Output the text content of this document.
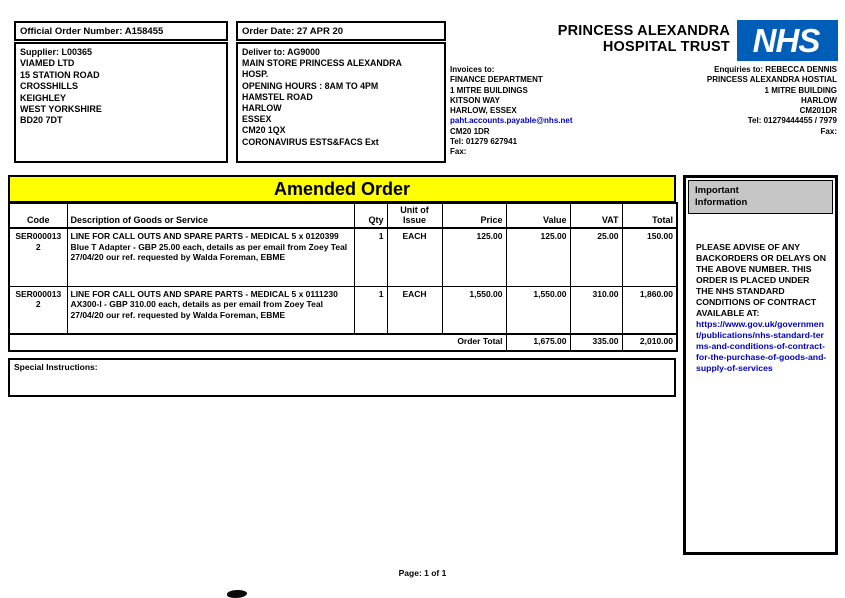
Official Order Number: A158455
Supplier: L00365
VIAMED LTD
15 STATION ROAD
CROSSHILLS
KEIGHLEY
WEST YORKSHIRE
BD20 7DT
Order Date: 27 APR 20
Deliver to: AG9000
MAIN STORE PRINCESS ALEXANDRA
HOSP.
OPENING HOURS : 8AM TO 4PM
HAMSTEL ROAD
HARLOW
ESSEX
CM20 1QX
CORONAVIRUS ESTS&FACS Ext
PRINCESS ALEXANDRA
HOSPITAL TRUST NHS
Invoices to:
FINANCE DEPARTMENT
1 MITRE BUILDINGS
KITSON WAY
HARLOW, ESSEX
paht.accounts.payable@nhs.net
CM20 1DR
Tel: 01279 627941
Fax:
Enquiries to: REBECCA DENNIS
PRINCESS ALEXANDRA HOSTIAL
1 MITRE BUILDING
HARLOW
CM201DR
Tel: 01279444455 / 7979
Fax:
Amended Order
Code	Description of Goods or Service	Qty	Unit of Issue	Price	Value	VAT	Total
SER0000132	LINE FOR CALL OUTS AND SPARE PARTS - MEDICAL 5 x 0120399 Blue T Adapter - GBP 25.00 each, details as per email from Zoey Teal 27/04/20 our ref. requested by Walda Foreman, EBME	1	EACH	125.00	125.00	25.00	150.00
SER0000132	LINE FOR CALL OUTS AND SPARE PARTS - MEDICAL 5 x 0111230 AX300-I - GBP 310.00 each, details as per email from Zoey Teal 27/04/20 our ref. requested by Walda Foreman, EBME	1	EACH	1,550.00	1,550.00	310.00	1,860.00
Order Total					1,675.00	335.00	2,010.00
Special Instructions:
Important Information
PLEASE ADVISE OF ANY BACKORDERS OR DELAYS ON THE ABOVE NUMBER. THIS ORDER IS PLACED UNDER THE NHS STANDARD CONDITIONS OF CONTRACT AVAILABLE AT:
https://www.gov.uk/government/publications/nhs-standard-terms-and-conditions-of-contract-for-the-purchase-of-goods-and-supply-of-services
Page: 1 of 1
